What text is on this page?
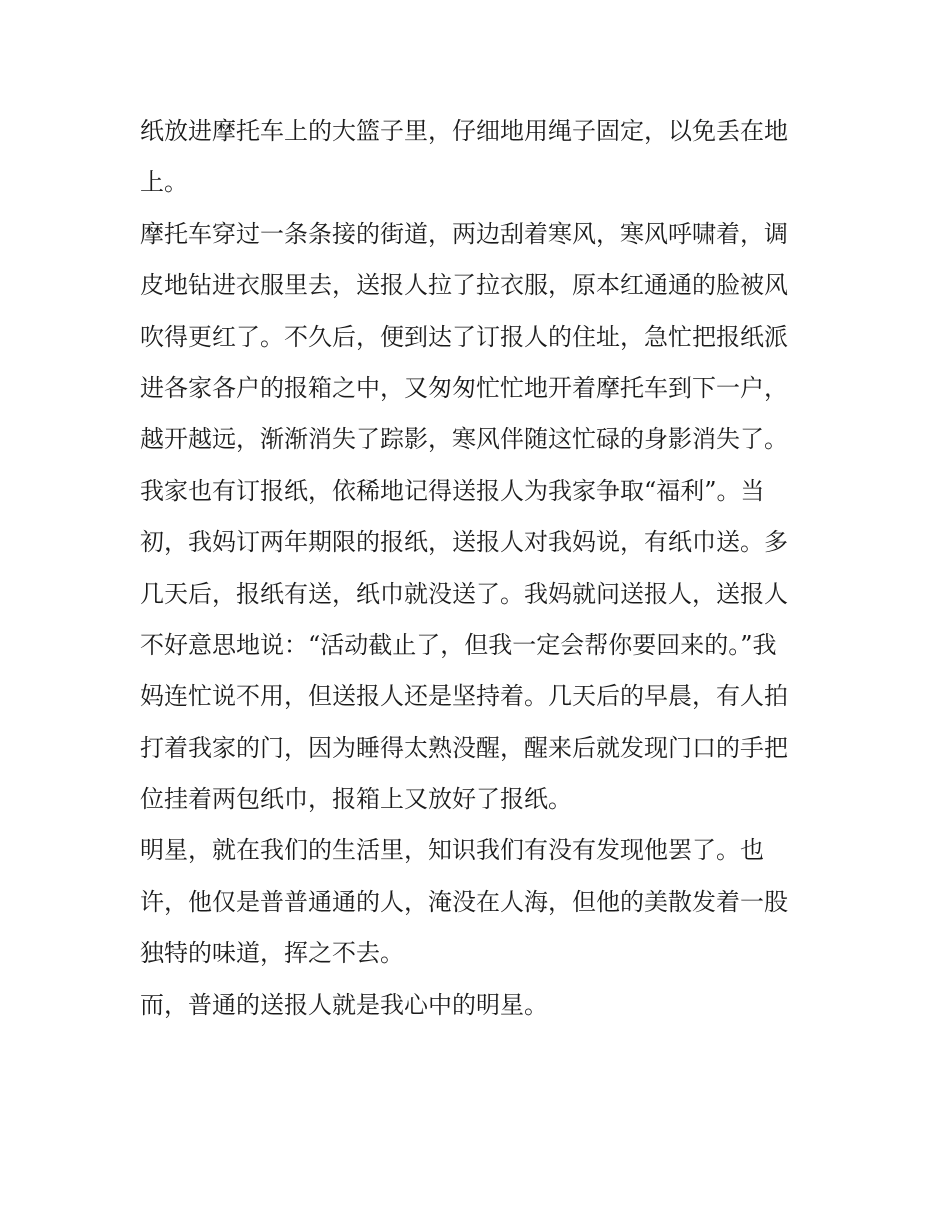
纸放进摩托车上的大篮子里，仔细地用绳子固定，以免丢在地
上。
摩托车穿过一条条接的街道，两边刮着寒风，寒风呼啸着，调
皮地钻进衣服里去，送报人拉了拉衣服，原本红通通的脸被风
吹得更红了。不久后，便到达了订报人的住址，急忙把报纸派
进各家各户的报箱之中，又匆匆忙忙地开着摩托车到下一户，
越开越远，渐渐消失了踪影，寒风伴随这忙碌的身影消失了。
我家也有订报纸，依稀地记得送报人为我家争取“福利”。当
初，我妈订两年期限的报纸，送报人对我妈说，有纸巾送。多
几天后，报纸有送，纸巾就没送了。我妈就问送报人，送报人
不好意思地说：“活动截止了，但我一定会帮你要回来的。”我
妈连忙说不用，但送报人还是坚持着。几天后的早晨，有人拍
打着我家的门，因为睡得太熟没醒，醒来后就发现门口的手把
位挂着两包纸巾，报箱上又放好了报纸。
明星，就在我们的生活里，知识我们有没有发现他罢了。也
许，他仅是普普通通的人，淹没在人海，但他的美散发着一股
独特的味道，挥之不去。
而，普通的送报人就是我心中的明星。
